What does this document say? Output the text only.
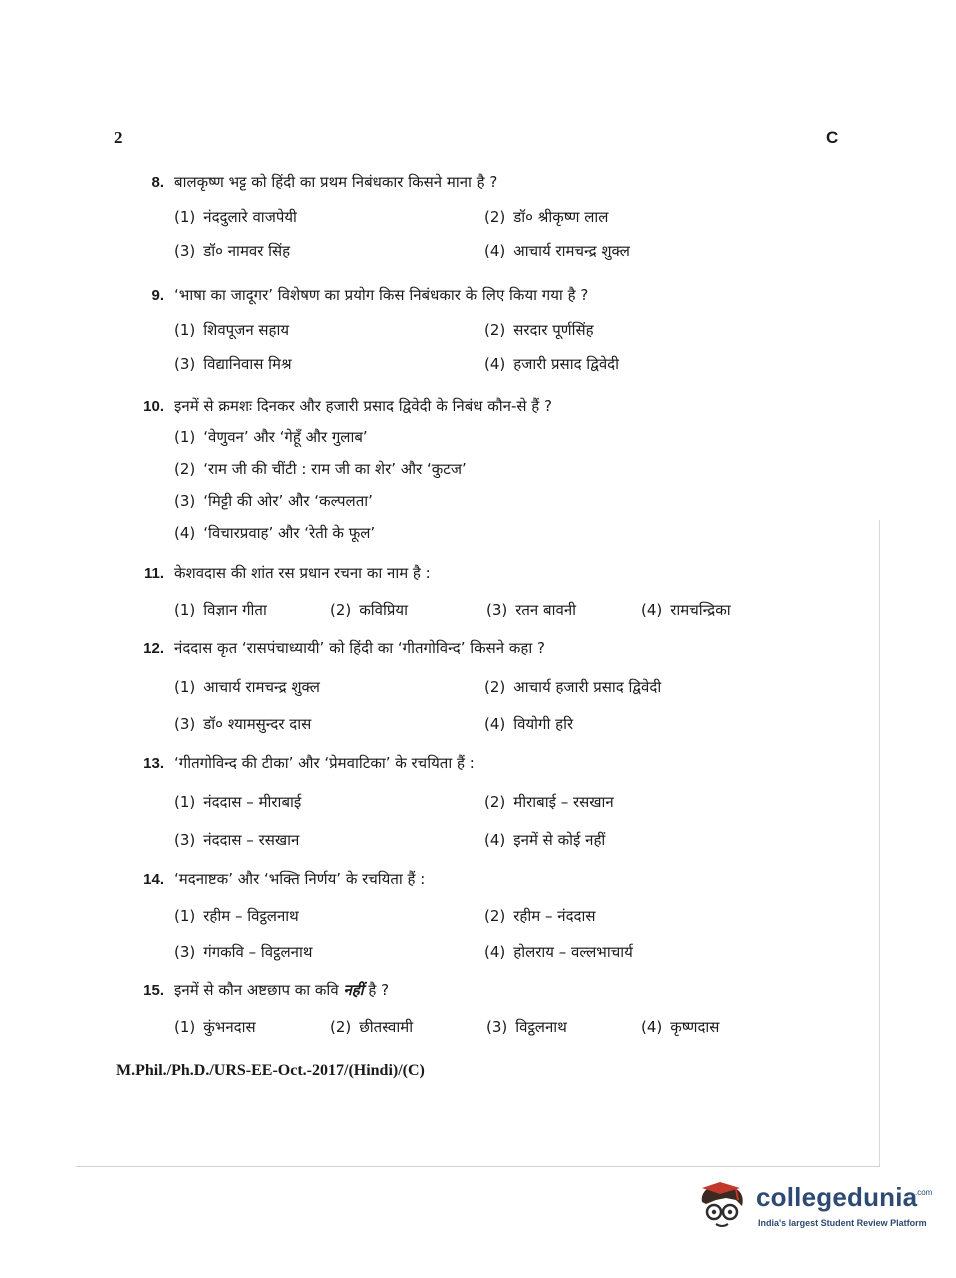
2	C
8. बालकृष्ण भट्ट को हिंदी का प्रथम निबंधकार किसने माना है ?
(1) नंददुलारे वाजपेयी	(2) डॉ० श्रीकृष्ण लाल
(3) डॉ० नामवर सिंह	(4) आचार्य रामचन्द्र शुक्ल
9. ‘भाषा का जादूगर’ विशेषण का प्रयोग किस निबंधकार के लिए किया गया है ?
(1) शिवपूजन सहाय	(2) सरदार पूर्णसिंह
(3) विद्यानिवास मिश्र	(4) हजारी प्रसाद द्विवेदी
10. इनमें से क्रमशः दिनकर और हजारी प्रसाद द्विवेदी के निबंध कौन-से हैं ?
(1) ‘वेणुवन’ और ‘गेहूँ और गुलाब’
(2) ‘राम जी की चींटी : राम जी का शेर’ और ‘कुटज’
(3) ‘मिट्टी की ओर’ और ‘कल्पलता’
(4) ‘विचारप्रवाह’ और ‘रेती के फूल’
11. केशवदास की शांत रस प्रधान रचना का नाम है :
(1) विज्ञान गीता	(2) कविप्रिया	(3) रतन बावनी	(4) रामचन्द्रिका
12. नंददास कृत ‘रासपंचाध्यायी’ को हिंदी का ‘गीतगोविन्द’ किसने कहा ?
(1) आचार्य रामचन्द्र शुक्ल	(2) आचार्य हजारी प्रसाद द्विवेदी
(3) डॉ० श्यामसुन्दर दास	(4) वियोगी हरि
13. ‘गीतगोविन्द की टीका’ और ‘प्रेमवाटिका’ के रचयिता हैं :
(1) नंददास – मीराबाई	(2) मीराबाई – रसखान
(3) नंददास – रसखान	(4) इनमें से कोई नहीं
14. ‘मदनाष्टक’ और ‘भक्ति निर्णय’ के रचयिता हैं :
(1) रहीम – विट्ठलनाथ	(2) रहीम – नंददास
(3) गंगकवि – विट्ठलनाथ	(4) होलराय – वल्लभाचार्य
15. इनमें से कौन अष्टछाप का कवि नहीं है ?
(1) कुंभनदास	(2) छीतस्वामी	(3) विट्ठलनाथ	(4) कृष्णदास
M.Phil./Ph.D./URS-EE-Oct.-2017/(Hindi)/(C)
collegedunia
.com
India's largest Student Review Platform
